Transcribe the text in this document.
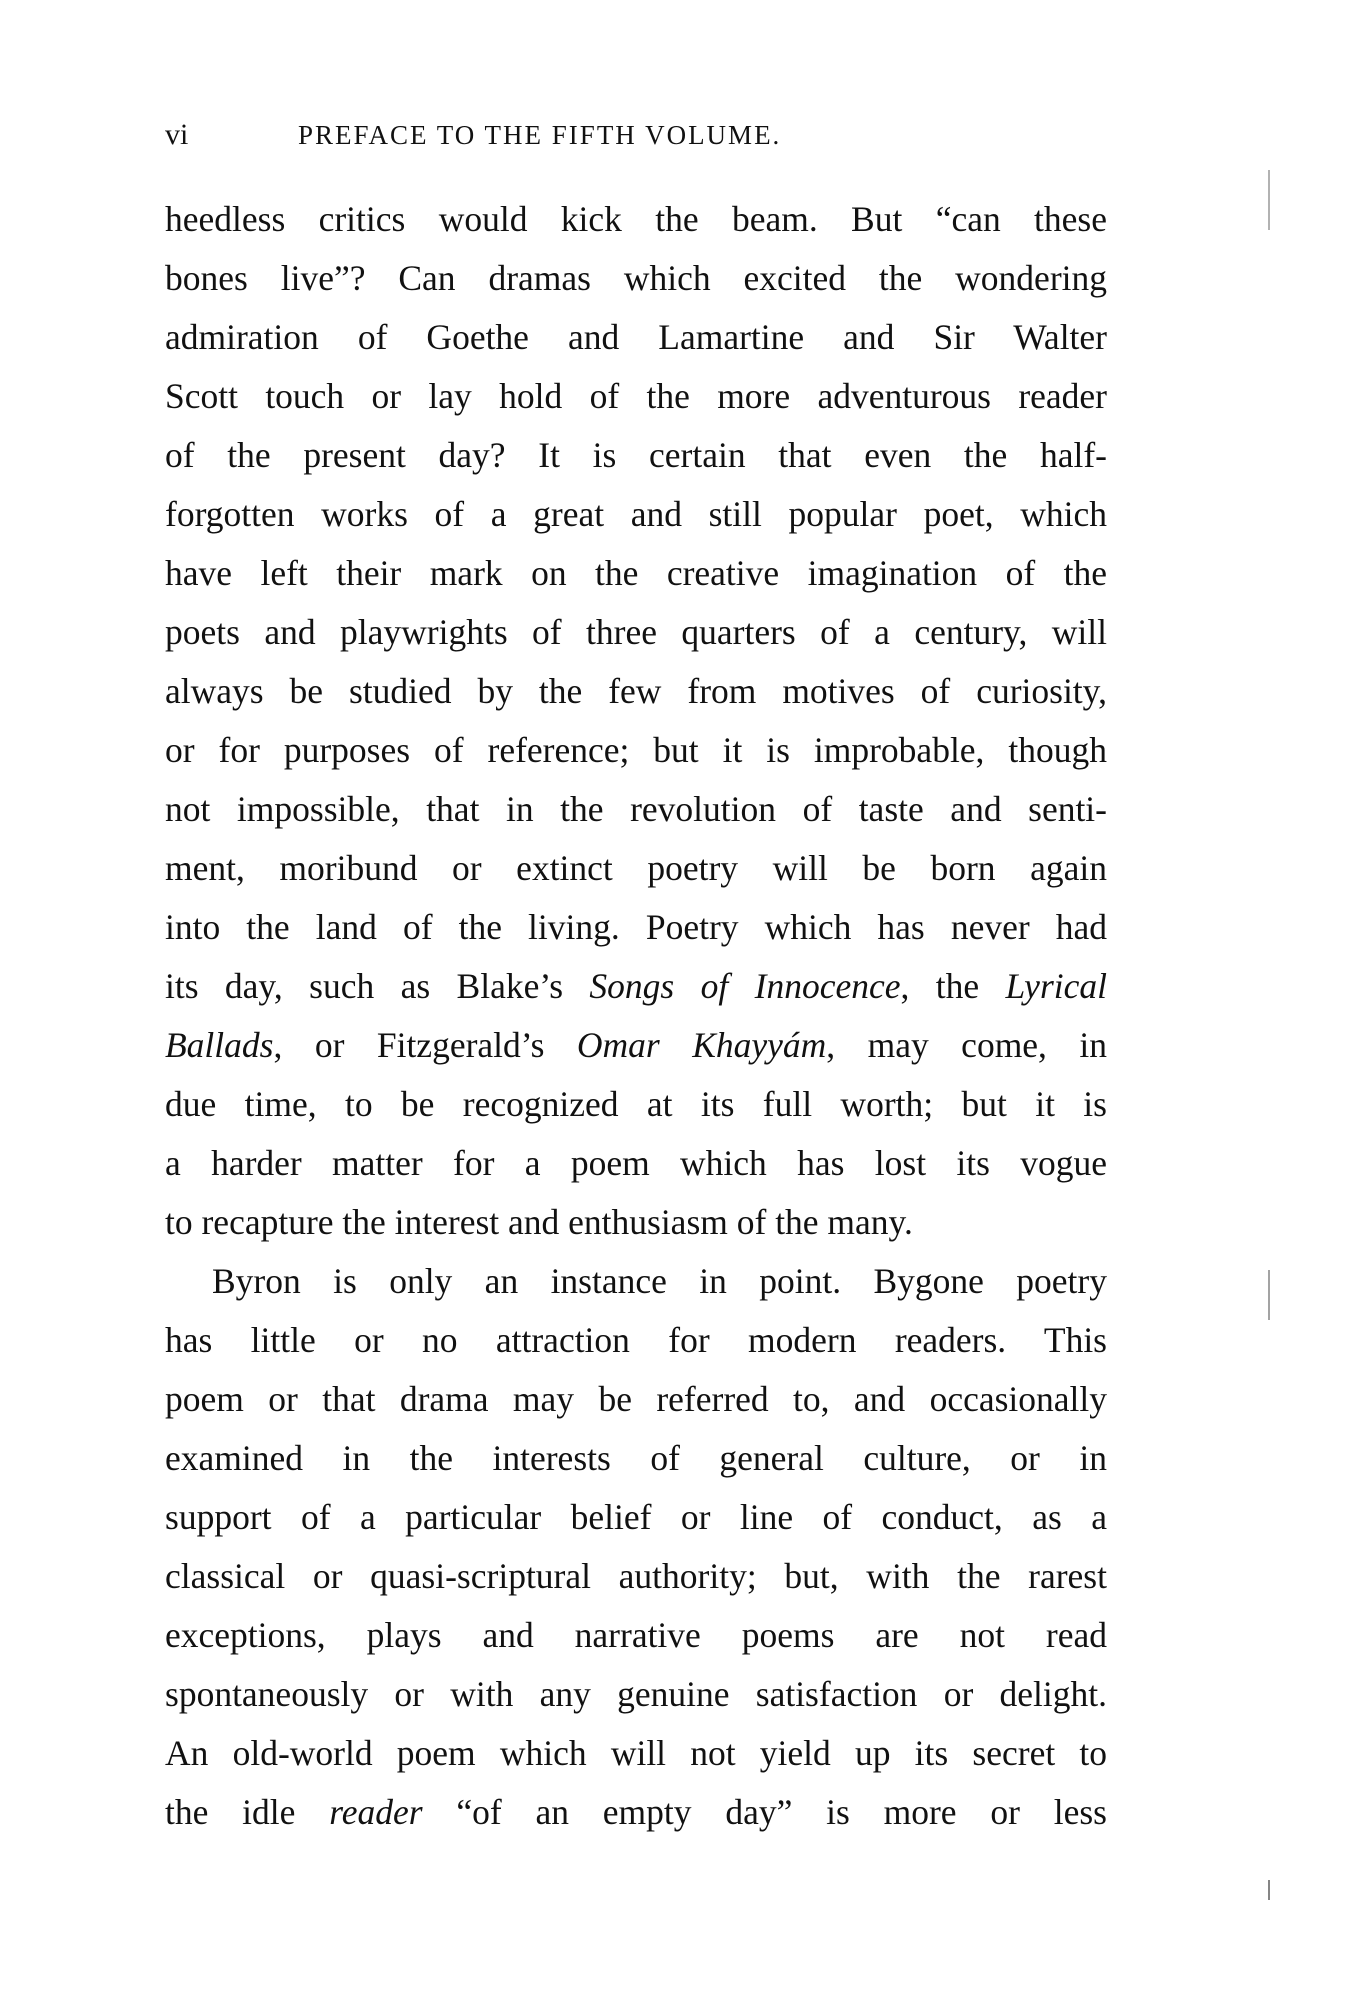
vi	PREFACE TO THE FIFTH VOLUME.
heedless critics would kick the beam. But “can these
bones live”? Can dramas which excited the wondering
admiration of Goethe and Lamartine and Sir Walter
Scott touch or lay hold of the more adventurous reader
of the present day? It is certain that even the half-
forgotten works of a great and still popular poet, which
have left their mark on the creative imagination of the
poets and playwrights of three quarters of a century, will
always be studied by the few from motives of curiosity,
or for purposes of reference; but it is improbable, though
not impossible, that in the revolution of taste and senti-
ment, moribund or extinct poetry will be born again
into the land of the living. Poetry which has never had
its day, such as Blake’s Songs of Innocence, the Lyrical
Ballads, or Fitzgerald’s Omar Khayyám, may come, in
due time, to be recognized at its full worth; but it is
a harder matter for a poem which has lost its vogue
to recapture the interest and enthusiasm of the many.
Byron is only an instance in point. Bygone poetry
has little or no attraction for modern readers. This
poem or that drama may be referred to, and occasionally
examined in the interests of general culture, or in
support of a particular belief or line of conduct, as a
classical or quasi-scriptural authority; but, with the rarest
exceptions, plays and narrative poems are not read
spontaneously or with any genuine satisfaction or delight.
An old-world poem which will not yield up its secret to
the idle reader “of an empty day” is more or less
